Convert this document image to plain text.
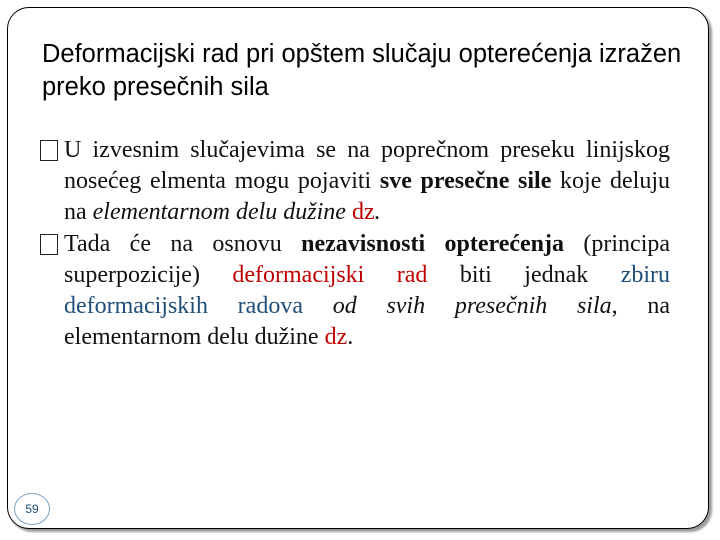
Deformacijski rad pri opštem slučaju opterećenja izražen preko presečnih sila

U izvesnim slučajevima se na poprečnom preseku linijskog nosećeg elmenta mogu pojaviti sve presečne sile koje deluju na elementarnom delu dužine dz.

Tada će na osnovu nezavisnosti opterećenja (principa superpozicije) deformacijski rad biti jednak zbiru deformacijskih radova od svih presečnih sila, na elementarnom delu dužine dz.

59
